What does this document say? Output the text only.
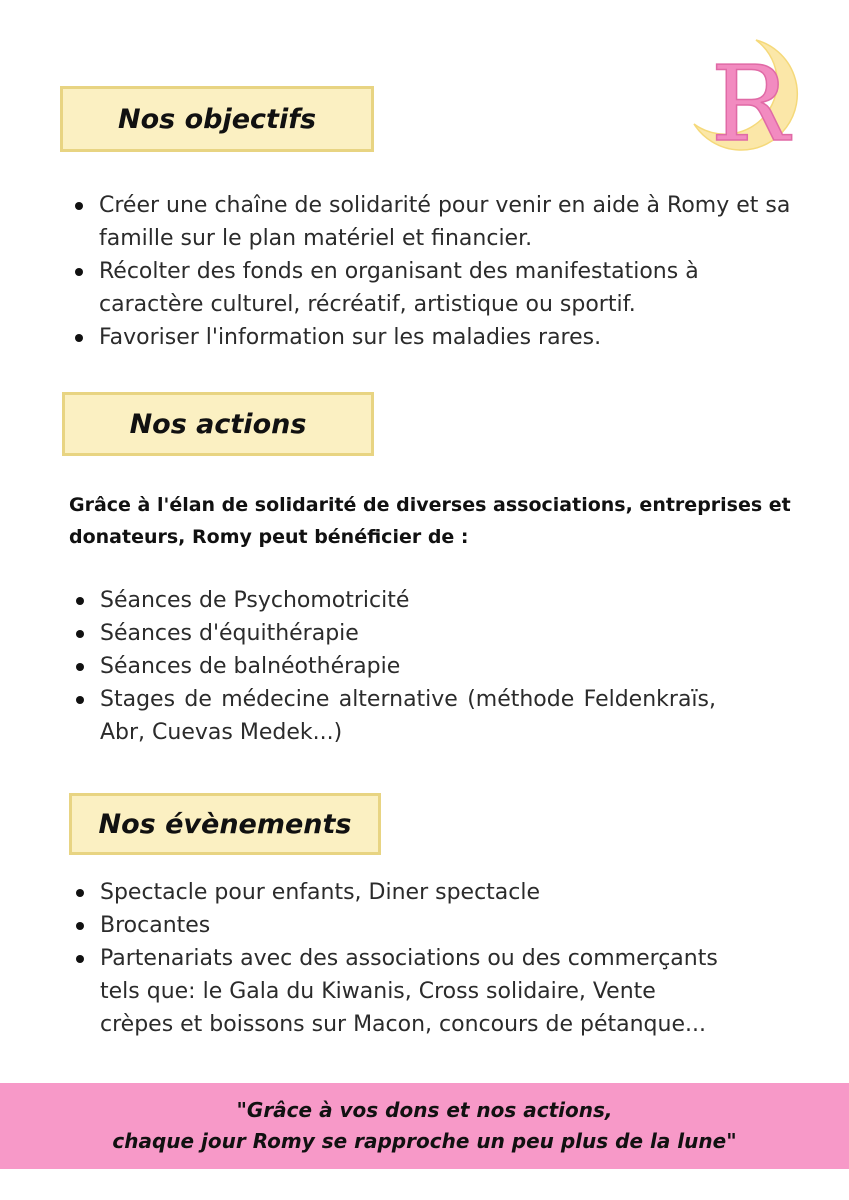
R
Nos objectifs
Créer une chaîne de solidarité pour venir en aide à Romy et sa famille sur le plan matériel et financier.
Récolter des fonds en organisant des manifestations à caractère culturel, récréatif, artistique ou sportif.
Favoriser l'information sur les maladies rares.
Nos actions
Grâce à l'élan de solidarité de diverses associations, entreprises et donateurs, Romy peut bénéficier de :
Séances de Psychomotricité
Séances d'équithérapie
Séances de balnéothérapie
Stages de médecine alternative (méthode Feldenkraïs, Abr, Cuevas Medek...)
Nos évènements
Spectacle pour enfants, Diner spectacle
Brocantes
Partenariats avec des associations ou des commerçants tels que: le Gala du Kiwanis, Cross solidaire, Vente crèpes et boissons sur Macon, concours de pétanque...
"Grâce à vos dons et nos actions,
chaque jour Romy se rapproche un peu plus de la lune"
